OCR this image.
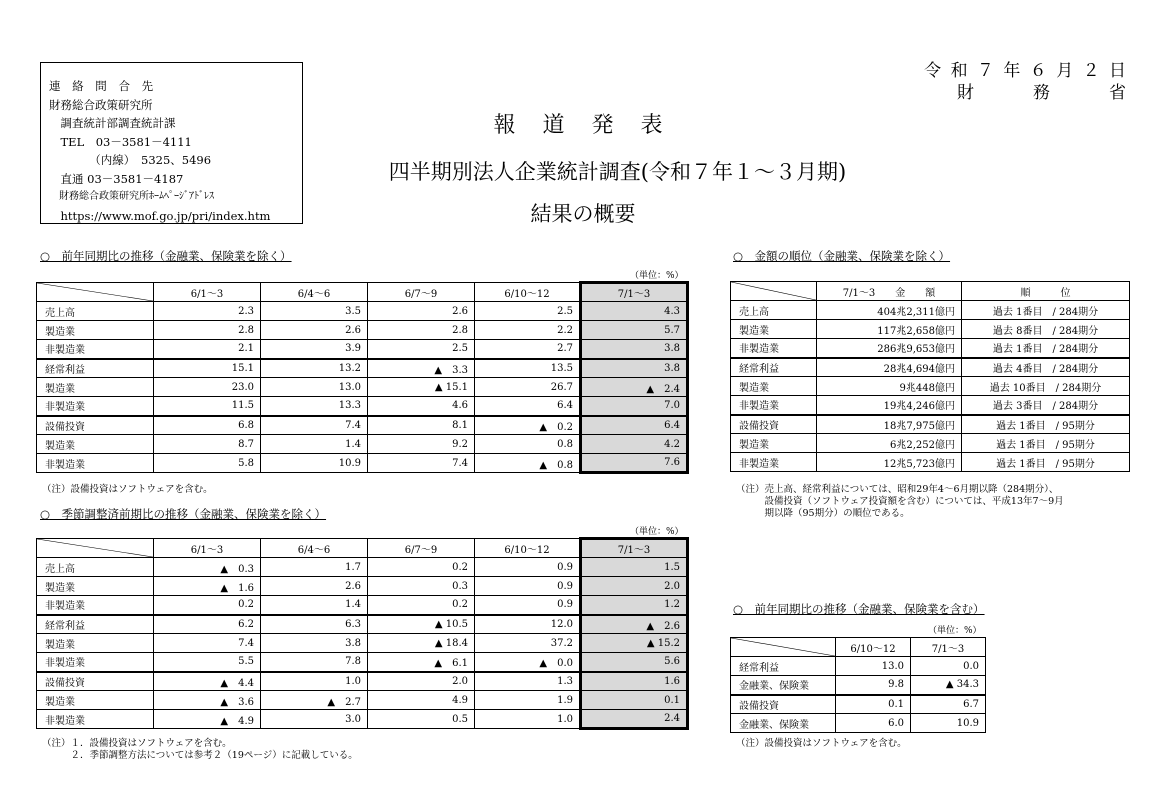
連 絡 問 合 先
財務総合政策研究所
　調査統計部調査統計課
　TEL　03－3581－4111
　　　　（内線）　5325、5496
　直通 03－3581－4187
　財務総合政策研究所ﾎｰﾑﾍﾟｰｼﾞｱﾄﾞﾚｽ
　https://www.mof.go.jp/pri/index.htm
令 和 ７ 年 ６ 月 ２ 日
財　　　務　　　省
報 道 発 表
四半期別法人企業統計調査(令和７年１～３月期)
結果の概要
○　前年同期比の推移（金融業、保険業を除く）
（単位：%）
	6/1～3	6/4～6	6/7～9	6/10～12	7/1～3
売上高	2.3	3.5	2.6	2.5	4.3
製造業	2.8	2.6	2.8	2.2	5.7
非製造業	2.1	3.9	2.5	2.7	3.8
経常利益	15.1	13.2	▲　3.3	13.5	3.8
製造業	23.0	13.0	▲ 15.1	26.7	▲　2.4
非製造業	11.5	13.3	4.6	6.4	7.0
設備投資	6.8	7.4	8.1	▲　0.2	6.4
製造業	8.7	1.4	9.2	0.8	4.2
非製造業	5.8	10.9	7.4	▲　0.8	7.6
（注）設備投資はソフトウェアを含む。
○　季節調整済前期比の推移（金融業、保険業を除く）
（単位：%）
	6/1～3	6/4～6	6/7～9	6/10～12	7/1～3
売上高	▲　0.3	1.7	0.2	0.9	1.5
製造業	▲　1.6	2.6	0.3	0.9	2.0
非製造業	0.2	1.4	0.2	0.9	1.2
経常利益	6.2	6.3	▲ 10.5	12.0	▲　2.6
製造業	7.4	3.8	▲ 18.4	37.2	▲ 15.2
非製造業	5.5	7.8	▲　6.1	▲　0.0	5.6
設備投資	▲　4.4	1.0	2.0	1.3	1.6
製造業	▲　3.6	▲　2.7	4.9	1.9	0.1
非製造業	▲　4.9	3.0	0.5	1.0	2.4
（注）１．設備投資はソフトウェアを含む。
　　　２．季節調整方法については参考２（19ページ）に記載している。
○　金額の順位（金融業、保険業を除く）
	7/1～3　　金　　額	順　　　位
売上高	404兆2,311億円	過去 1番目　/ 284期分
製造業	117兆2,658億円	過去 8番目　/ 284期分
非製造業	286兆9,653億円	過去 1番目　/ 284期分
経常利益	28兆4,694億円	過去 4番目　/ 284期分
製造業	9兆448億円	過去 10番目　/ 284期分
非製造業	19兆4,246億円	過去 3番目　/ 284期分
設備投資	18兆7,975億円	過去 1番目　/ 95期分
製造業	6兆2,252億円	過去 1番目　/ 95期分
非製造業	12兆5,723億円	過去 1番目　/ 95期分
（注）売上高、経常利益については、昭和29年4～6月期以降（284期分）、
　　　設備投資（ソフトウェア投資額を含む）については、平成13年7～9月
　　　期以降（95期分）の順位である。
○　前年同期比の推移（金融業、保険業を含む）
（単位：%）
	6/10～12	7/1～3
経常利益	13.0	0.0
金融業、保険業	9.8	▲ 34.3
設備投資	0.1	6.7
金融業、保険業	6.0	10.9
（注）設備投資はソフトウェアを含む。
